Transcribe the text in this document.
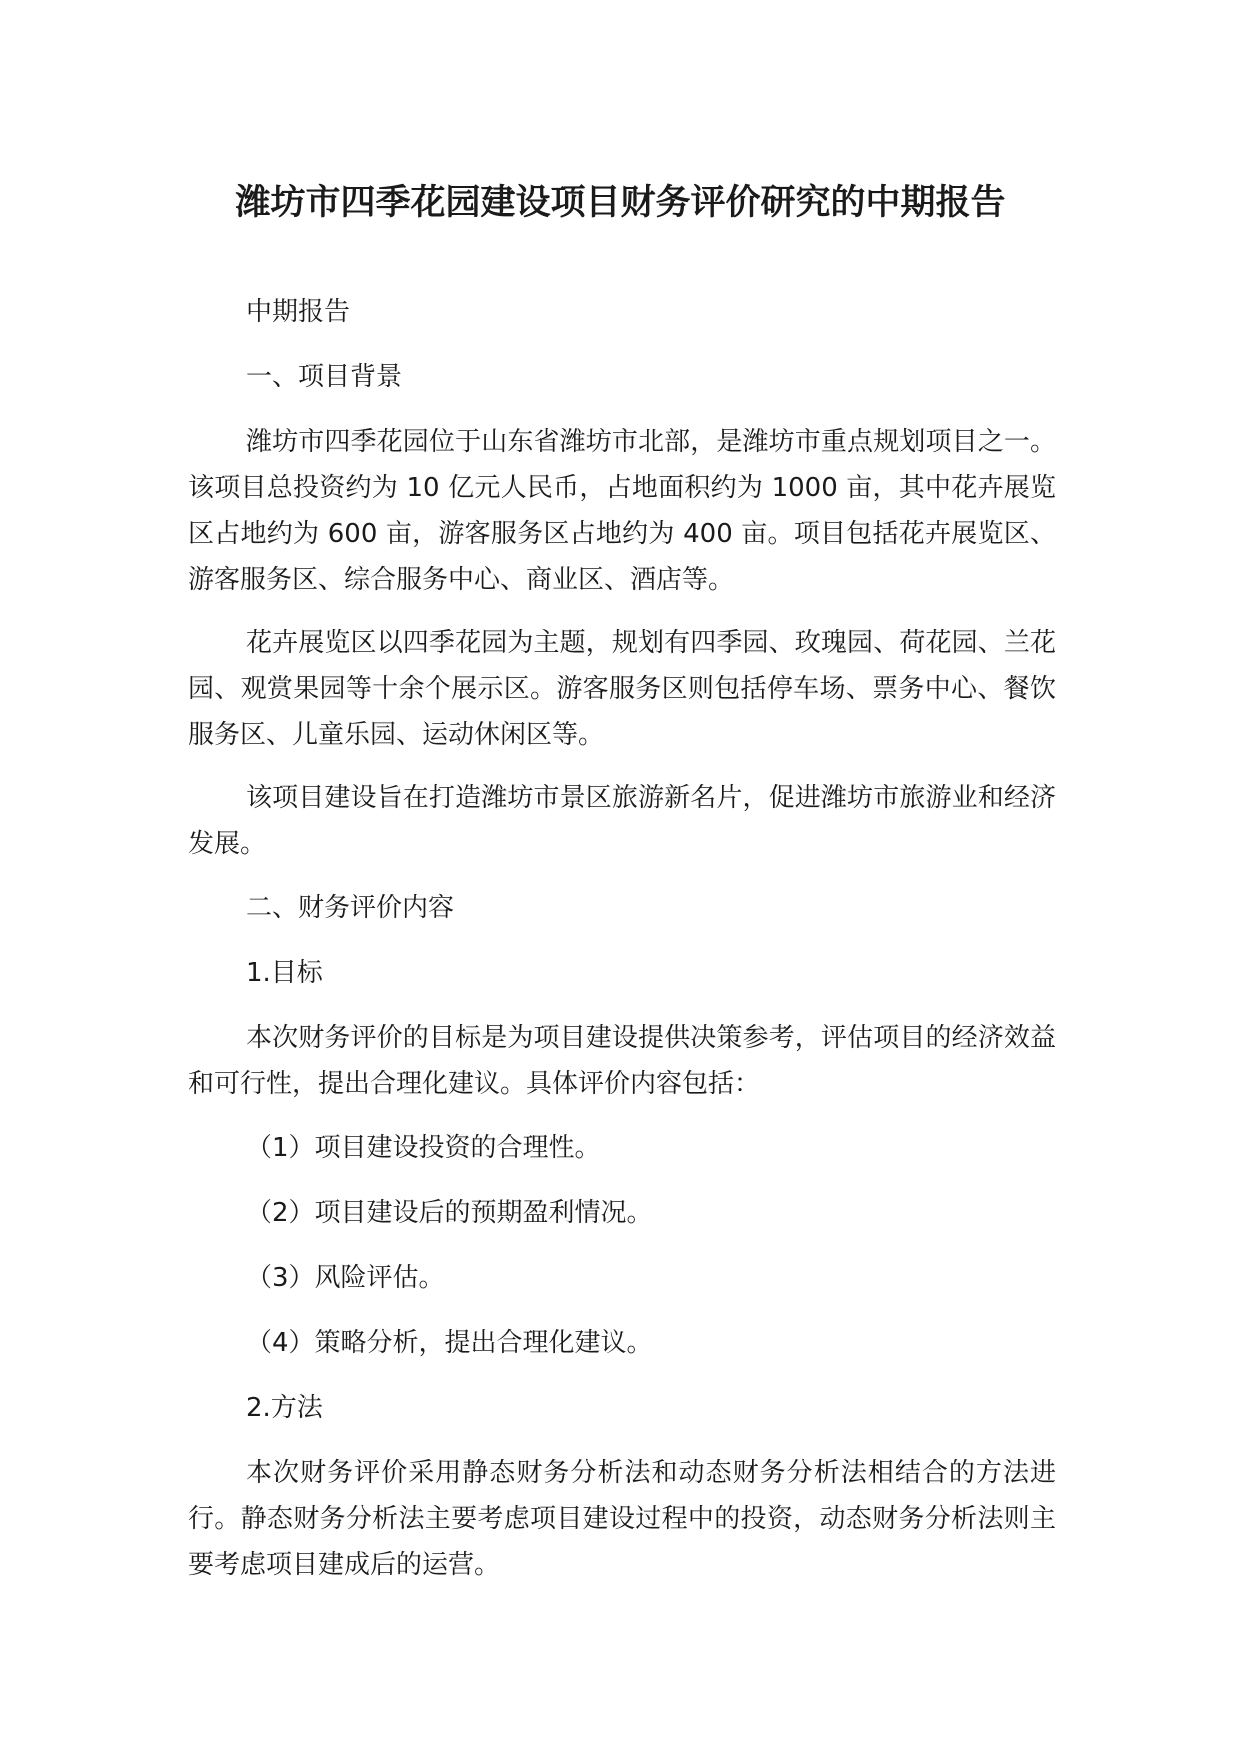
潍坊市四季花园建设项目财务评价研究的中期报告

中期报告

一、项目背景

潍坊市四季花园位于山东省潍坊市北部，是潍坊市重点规划项目之一。该项目总投资约为 10 亿元人民币，占地面积约为 1000 亩，其中花卉展览区占地约为 600 亩，游客服务区占地约为 400 亩。项目包括花卉展览区、游客服务区、综合服务中心、商业区、酒店等。

花卉展览区以四季花园为主题，规划有四季园、玫瑰园、荷花园、兰花园、观赏果园等十余个展示区。游客服务区则包括停车场、票务中心、餐饮服务区、儿童乐园、运动休闲区等。

该项目建设旨在打造潍坊市景区旅游新名片，促进潍坊市旅游业和经济发展。

二、财务评价内容

1.目标

本次财务评价的目标是为项目建设提供决策参考，评估项目的经济效益和可行性，提出合理化建议。具体评价内容包括：

（1）项目建设投资的合理性。

（2）项目建设后的预期盈利情况。

（3）风险评估。

（4）策略分析，提出合理化建议。

2.方法

本次财务评价采用静态财务分析法和动态财务分析法相结合的方法进行。静态财务分析法主要考虑项目建设过程中的投资，动态财务分析法则主要考虑项目建成后的运营。
